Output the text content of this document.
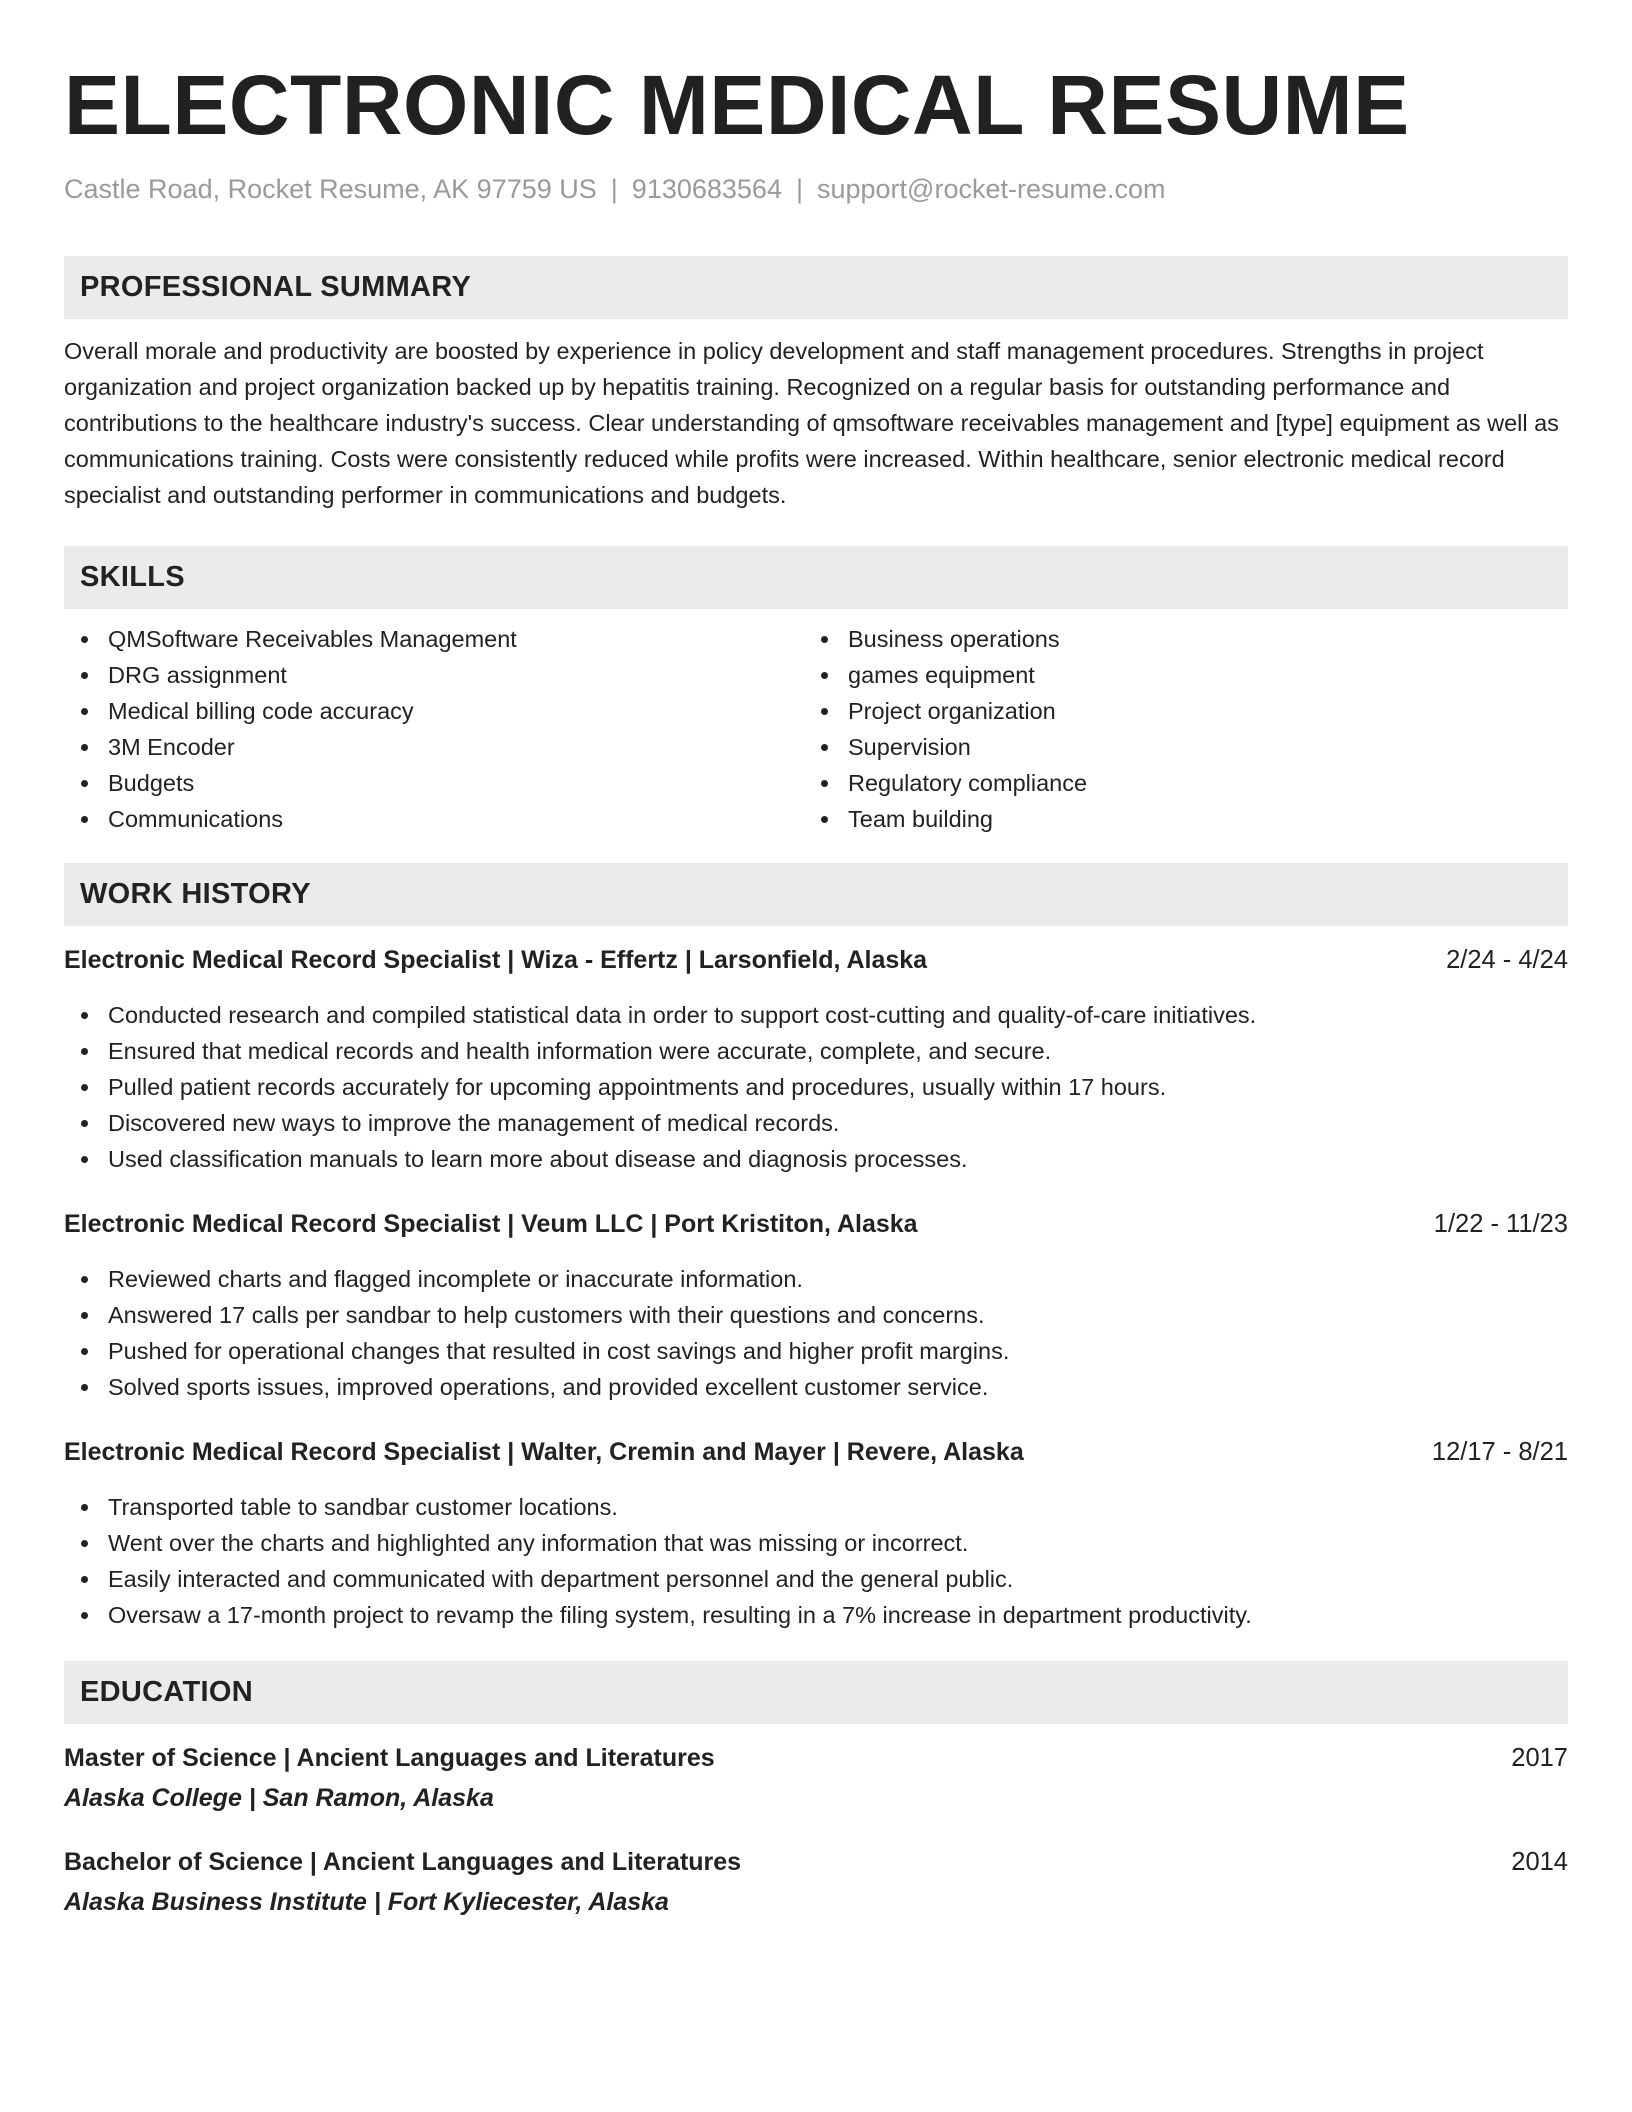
ELECTRONIC MEDICAL RESUME
Castle Road, Rocket Resume, AK 97759 US | 9130683564 | support@rocket-resume.com
PROFESSIONAL SUMMARY
Overall morale and productivity are boosted by experience in policy development and staff management procedures. Strengths in project organization and project organization backed up by hepatitis training. Recognized on a regular basis for outstanding performance and contributions to the healthcare industry's success. Clear understanding of qmsoftware receivables management and [type] equipment as well as communications training. Costs were consistently reduced while profits were increased. Within healthcare, senior electronic medical record specialist and outstanding performer in communications and budgets.
SKILLS
QMSoftware Receivables Management
DRG assignment
Medical billing code accuracy
3M Encoder
Budgets
Communications
Business operations
games equipment
Project organization
Supervision
Regulatory compliance
Team building
WORK HISTORY
Electronic Medical Record Specialist | Wiza - Effertz | Larsonfield, Alaska	2/24 - 4/24
Conducted research and compiled statistical data in order to support cost-cutting and quality-of-care initiatives.
Ensured that medical records and health information were accurate, complete, and secure.
Pulled patient records accurately for upcoming appointments and procedures, usually within 17 hours.
Discovered new ways to improve the management of medical records.
Used classification manuals to learn more about disease and diagnosis processes.
Electronic Medical Record Specialist | Veum LLC | Port Kristiton, Alaska	1/22 - 11/23
Reviewed charts and flagged incomplete or inaccurate information.
Answered 17 calls per sandbar to help customers with their questions and concerns.
Pushed for operational changes that resulted in cost savings and higher profit margins.
Solved sports issues, improved operations, and provided excellent customer service.
Electronic Medical Record Specialist | Walter, Cremin and Mayer | Revere, Alaska	12/17 - 8/21
Transported table to sandbar customer locations.
Went over the charts and highlighted any information that was missing or incorrect.
Easily interacted and communicated with department personnel and the general public.
Oversaw a 17-month project to revamp the filing system, resulting in a 7% increase in department productivity.
EDUCATION
Master of Science | Ancient Languages and Literatures	2017
Alaska College | San Ramon, Alaska
Bachelor of Science | Ancient Languages and Literatures	2014
Alaska Business Institute | Fort Kyliecester, Alaska
